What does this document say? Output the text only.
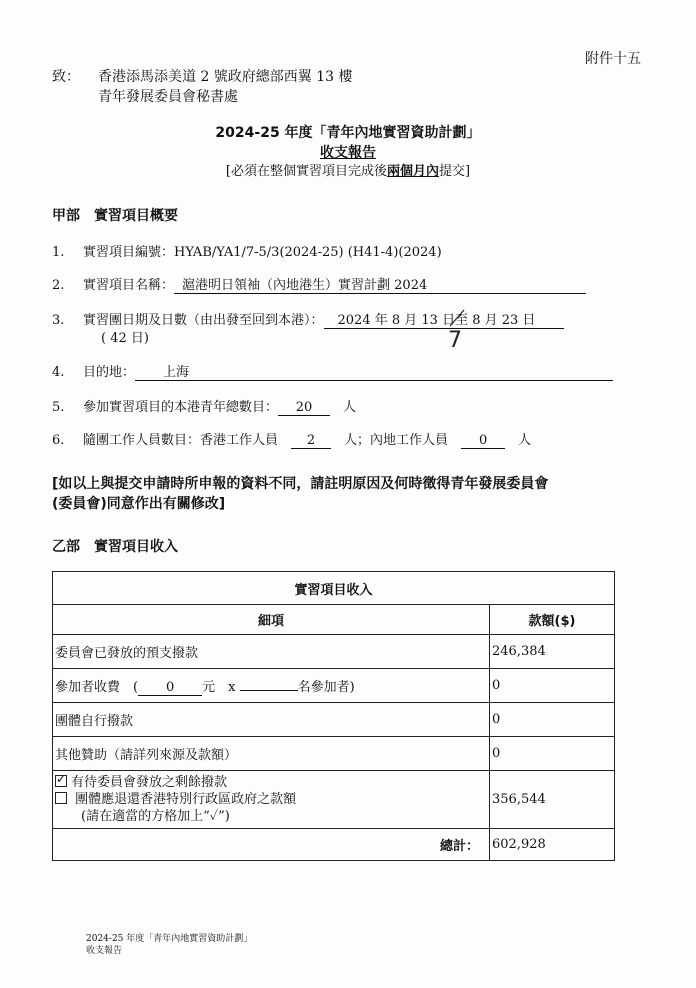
附件十五
致： 香港添馬添美道 2 號政府總部西翼 13 樓
青年發展委員會秘書處
2024-25 年度「青年內地實習資助計劃」
收支報告
[必須在整個實習項目完成後兩個月內提交]
甲部　實習項目概要
1. 實習項目編號：HYAB/YA1/7-5/3(2024-25) (H41-4)(2024)
2. 實習項目名稱： 滬港明日領袖（內地港生）實習計劃 2024
3. 實習團日期及日數（由出發至回到本港）： 2024 年 8 月 13 日至 8 月 23 日
( 42 日)	7
4. 目的地： 上海
5. 參加實習項目的本港青年總數目： 20　 人
6. 隨團工作人員數目：香港工作人員　 2　 人；內地工作人員　 0　 人
[如以上與提交申請時所申報的資料不同，請註明原因及何時徵得青年發展委員會
(委員會)同意作出有關修改]
乙部　實習項目收入
實習項目收入	
細項	款額($)
委員會已發放的預支撥款	246,384
參加者收費　( 0 元　x 名參加者)	0
團體自行撥款	0
其他贊助（請詳列來源及款額）	0

✓有待委員會發放之剩餘撥款
團體應退還香港特別行政區政府之款額
(請在適當的方格加上“✓”)	356,544
總計：	602,928
2024-25 年度「青年內地實習資助計劃」
收支報告
